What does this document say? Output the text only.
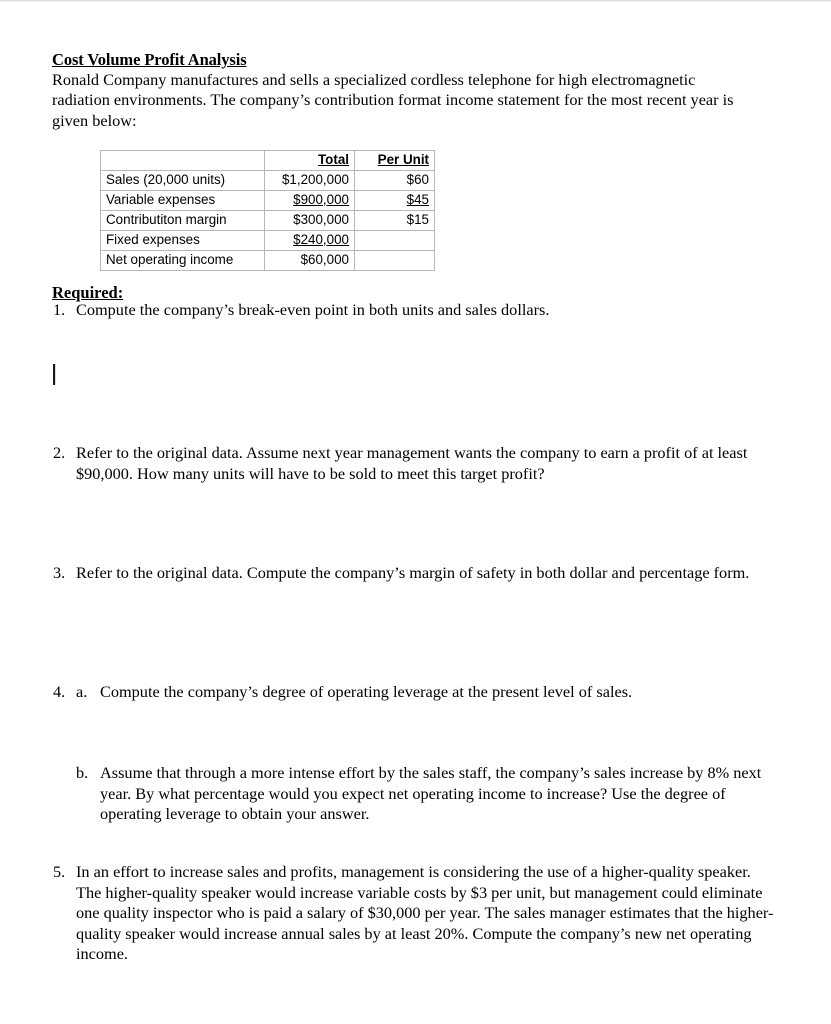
Cost Volume Profit Analysis
Ronald Company manufactures and sells a specialized cordless telephone for high electromagnetic radiation environments. The company’s contribution format income statement for the most recent year is given below:
	Total	Per Unit
Sales (20,000 units)	$1,200,000	$60
Variable expenses	$900,000	$45
Contributiton margin	$300,000	$15
Fixed expenses	$240,000	
Net operating income	$60,000	
Required:
1. Compute the company’s break-even point in both units and sales dollars.
2. Refer to the original data. Assume next year management wants the company to earn a profit of at least $90,000. How many units will have to be sold to meet this target profit?
3. Refer to the original data. Compute the company’s margin of safety in both dollar and percentage form.
4. a. Compute the company’s degree of operating leverage at the present level of sales.
b. Assume that through a more intense effort by the sales staff, the company’s sales increase by 8% next year. By what percentage would you expect net operating income to increase? Use the degree of operating leverage to obtain your answer.
5. In an effort to increase sales and profits, management is considering the use of a higher-quality speaker. The higher-quality speaker would increase variable costs by $3 per unit, but management could eliminate one quality inspector who is paid a salary of $30,000 per year. The sales manager estimates that the higher-quality speaker would increase annual sales by at least 20%. Compute the company’s new net operating income.
